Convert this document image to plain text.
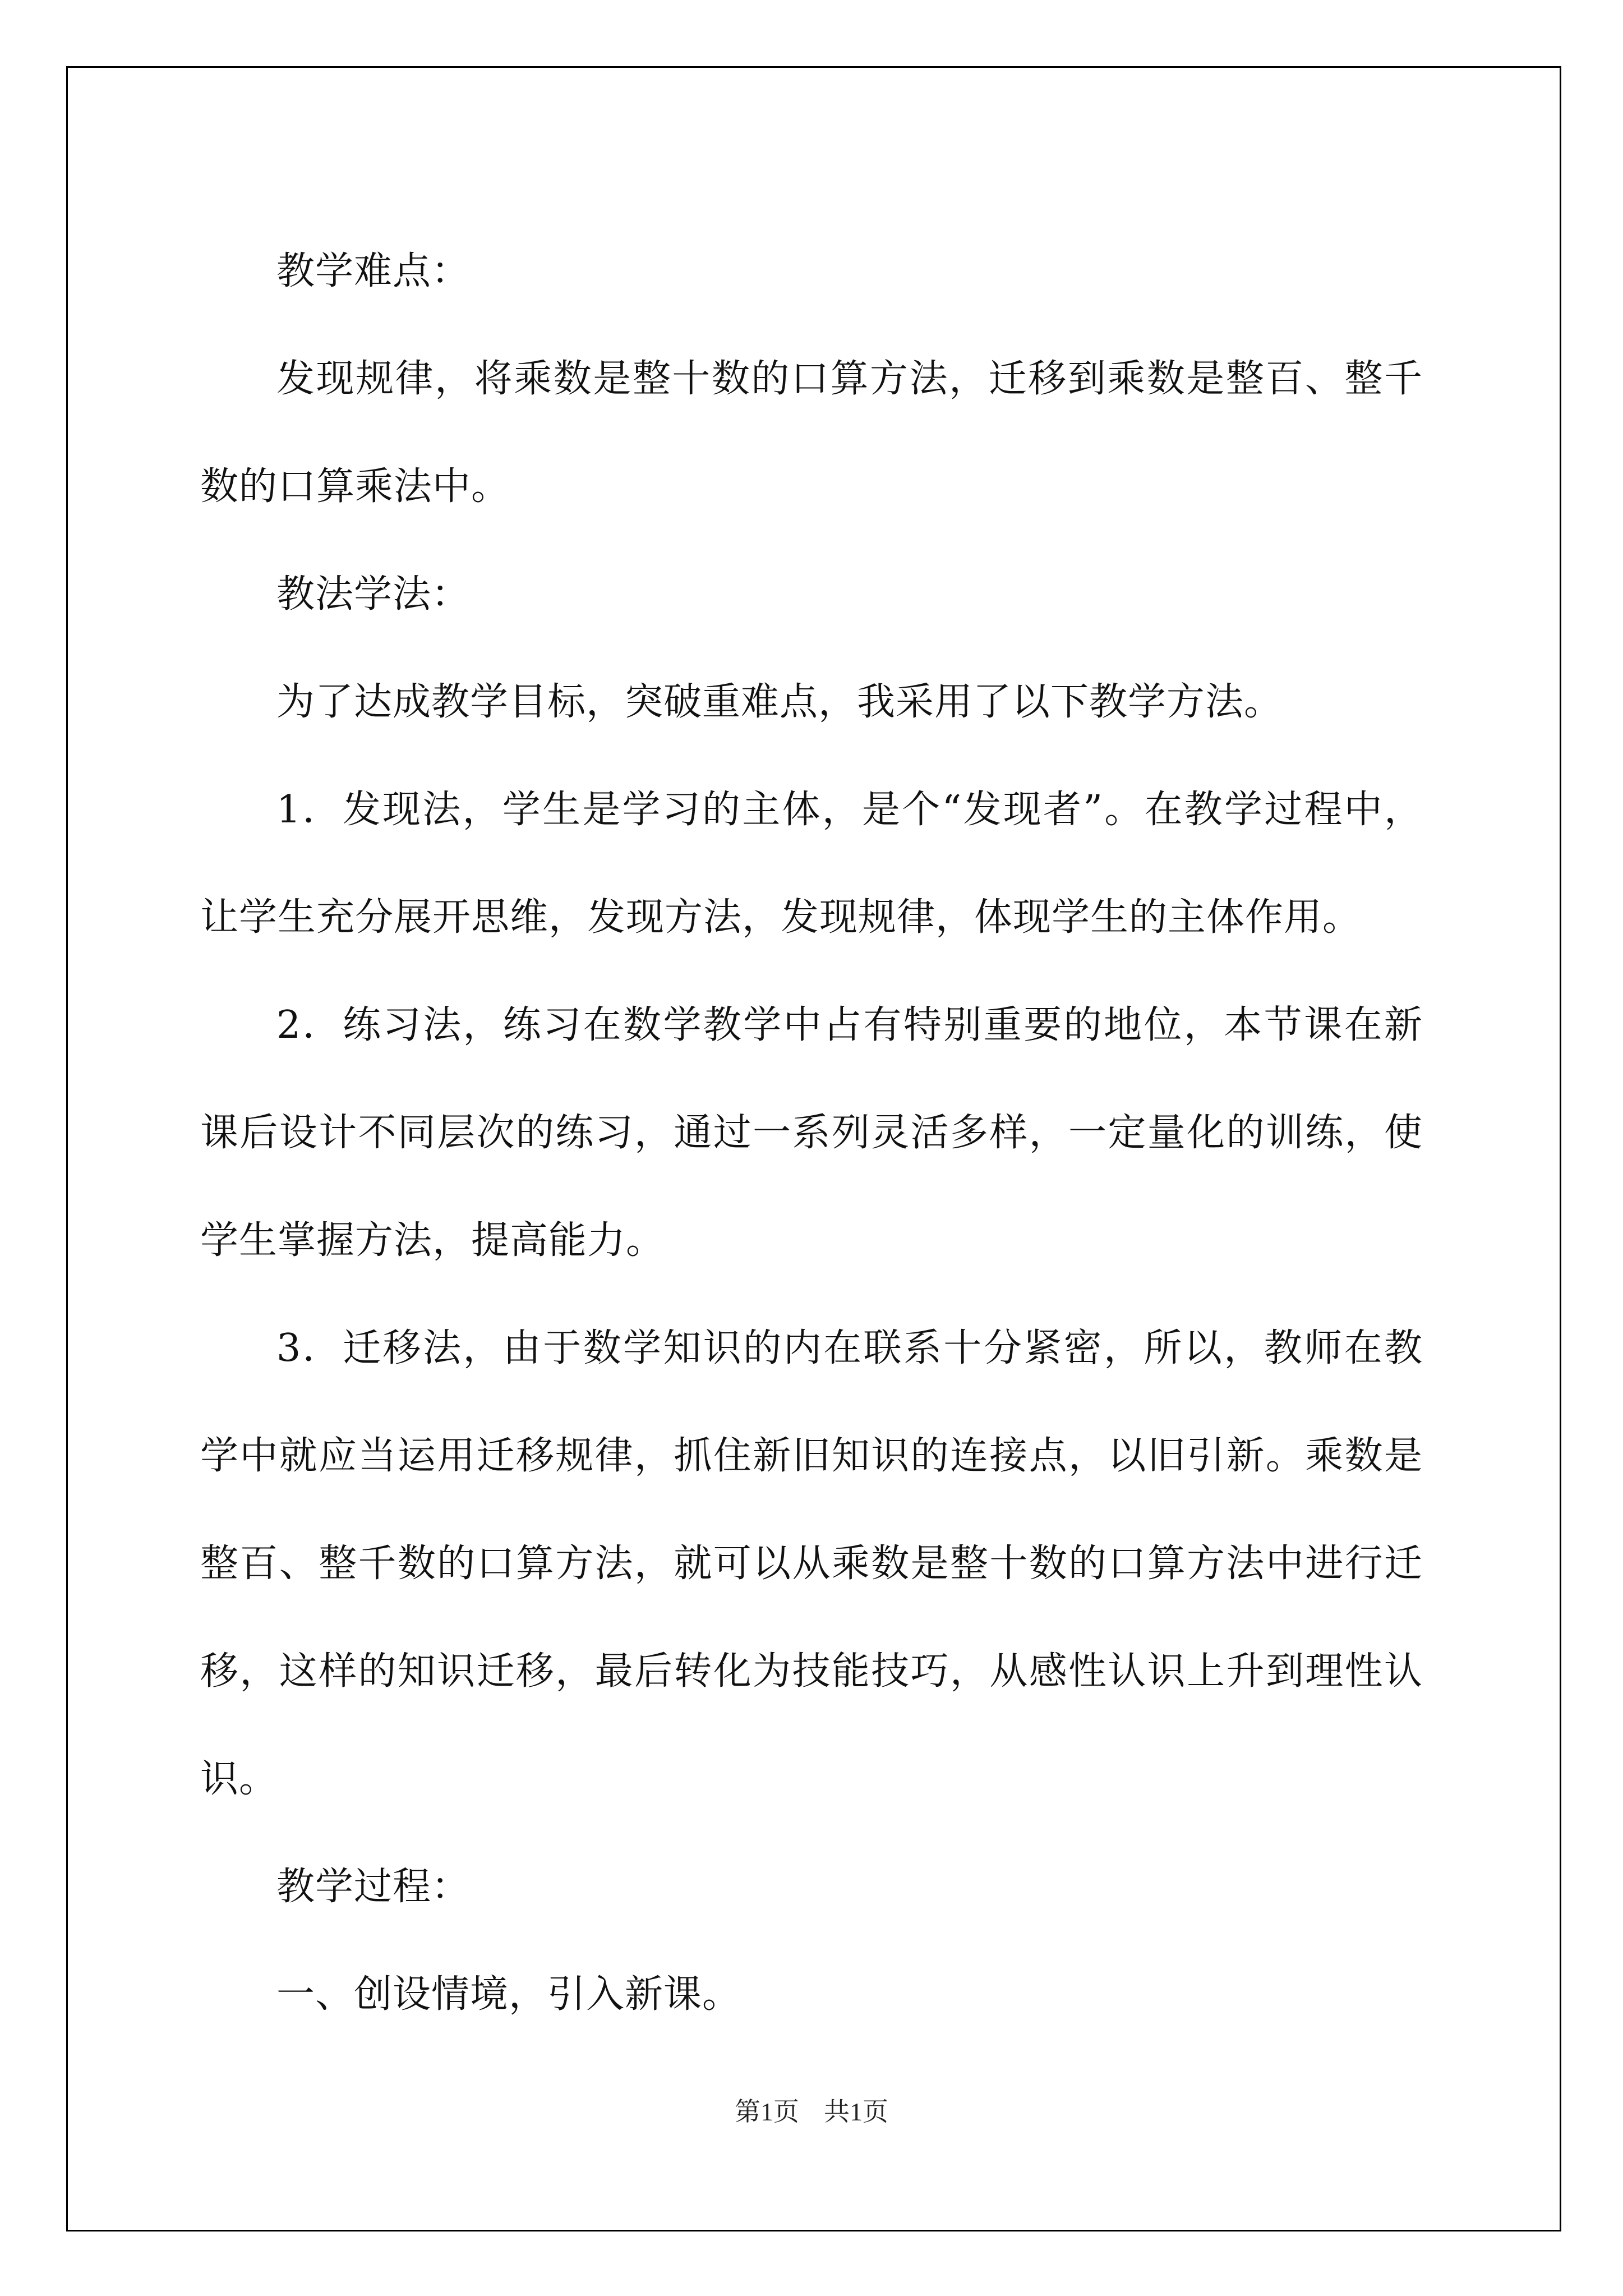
教学难点：

发现规律，将乘数是整十数的口算方法，迁移到乘数是整百、整千数的口算乘法中。

教法学法：

为了达成教学目标，突破重难点，我采用了以下教学方法。

1．发现法，学生是学习的主体，是个“发现者”。在教学过程中，让学生充分展开思维，发现方法，发现规律，体现学生的主体作用。

2．练习法，练习在数学教学中占有特别重要的地位，本节课在新课后设计不同层次的练习，通过一系列灵活多样，一定量化的训练，使学生掌握方法，提高能力。

3．迁移法，由于数学知识的内在联系十分紧密，所以，教师在教学中就应当运用迁移规律，抓住新旧知识的连接点，以旧引新。乘数是整百、整千数的口算方法，就可以从乘数是整十数的口算方法中进行迁移，这样的知识迁移，最后转化为技能技巧，从感性认识上升到理性认识。

教学过程：

一、创设情境，引入新课。

第1页 共1页
